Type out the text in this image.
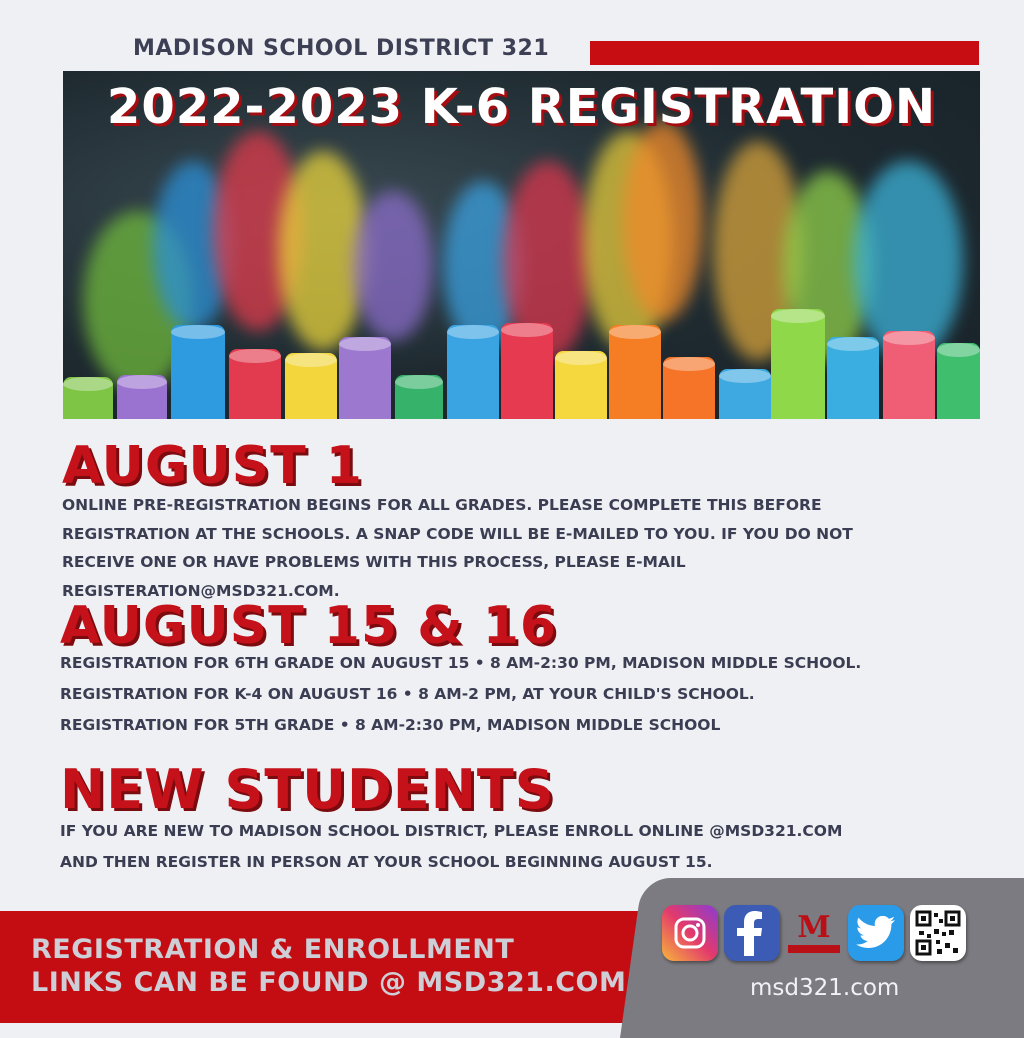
MADISON SCHOOL DISTRICT 321
2022-2023 K-6 REGISTRATION
AUGUST 1

ONLINE PRE-REGISTRATION BEGINS FOR ALL GRADES. PLEASE COMPLETE THIS BEFORE REGISTRATION AT THE SCHOOLS. A SNAP CODE WILL BE E-MAILED TO YOU. IF YOU DO NOT RECEIVE ONE OR HAVE PROBLEMS WITH THIS PROCESS, PLEASE E-MAIL REGISTERATION@MSD321.COM.

AUGUST 15 & 16

REGISTRATION FOR 6TH GRADE ON AUGUST 15 • 8 AM-2:30 PM, MADISON MIDDLE SCHOOL.

REGISTRATION FOR K-4 ON AUGUST 16 • 8 AM-2 PM, AT YOUR CHILD'S SCHOOL.

REGISTRATION FOR 5TH GRADE • 8 AM-2:30 PM, MADISON MIDDLE SCHOOL

NEW STUDENTS

IF YOU ARE NEW TO MADISON SCHOOL DISTRICT, PLEASE ENROLL ONLINE @MSD321.COM

AND THEN REGISTER IN PERSON AT YOUR SCHOOL BEGINNING AUGUST 15.

REGISTRATION & ENROLLMENT
LINKS CAN BE FOUND @ MSD321.COM
M
msd321.com
